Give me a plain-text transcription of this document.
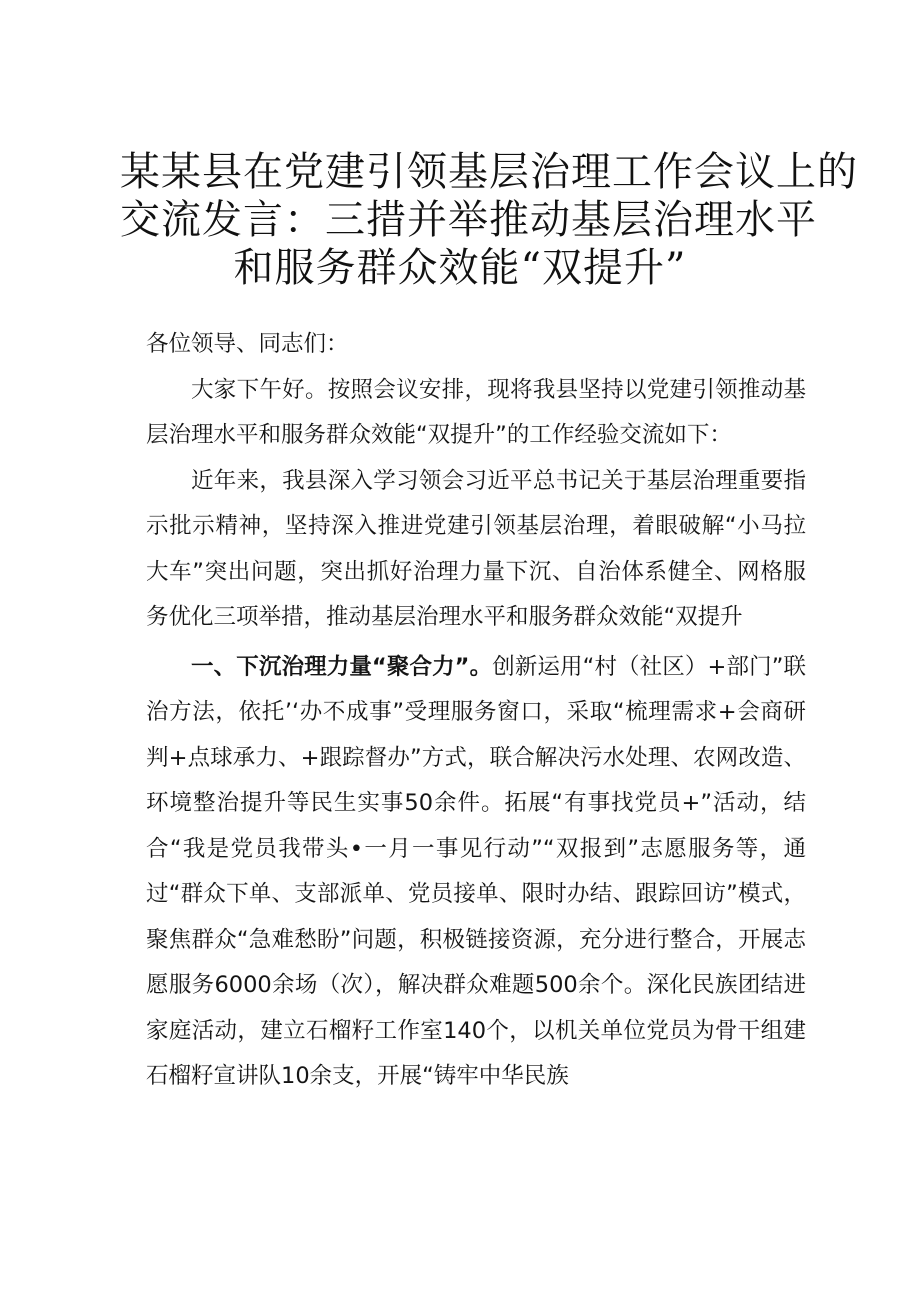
某某县在党建引领基层治理工作会议上的
交流发言：三措并举推动基层治理水平
和服务群众效能“双提升”

各位领导、同志们：

大家下午好。按照会议安排，现将我县坚持以党建引领推动基层治理水平和服务群众效能“双提升”的工作经验交流如下：

近年来，我县深入学习领会习近平总书记关于基层治理重要指示批示精神，坚持深入推进党建引领基层治理，着眼破解“小马拉大车”突出问题，突出抓好治理力量下沉、自治体系健全、网格服务优化三项举措，推动基层治理水平和服务群众效能“双提升

一、下沉治理力量“聚合力”。创新运用“村（社区）+部门”联治方法，依托’‘办不成事”受理服务窗口，采取“梳理需求+会商研判+点球承力、+跟踪督办”方式，联合解决污水处理、农网改造、环境整治提升等民生实事50余件。拓展“有事找党员+”活动，结合“我是党员我带头•一月一事见行动”“双报到”志愿服务等，通过“群众下单、支部派单、党员接单、限时办结、跟踪回访”模式，聚焦群众“急难愁盼”问题，积极链接资源，充分进行整合，开展志愿服务6000余场（次），解决群众难题500余个。深化民族团结进家庭活动，建立石榴籽工作室140个，以机关单位党员为骨干组建石榴籽宣讲队10余支，开展“铸牢中华民族
